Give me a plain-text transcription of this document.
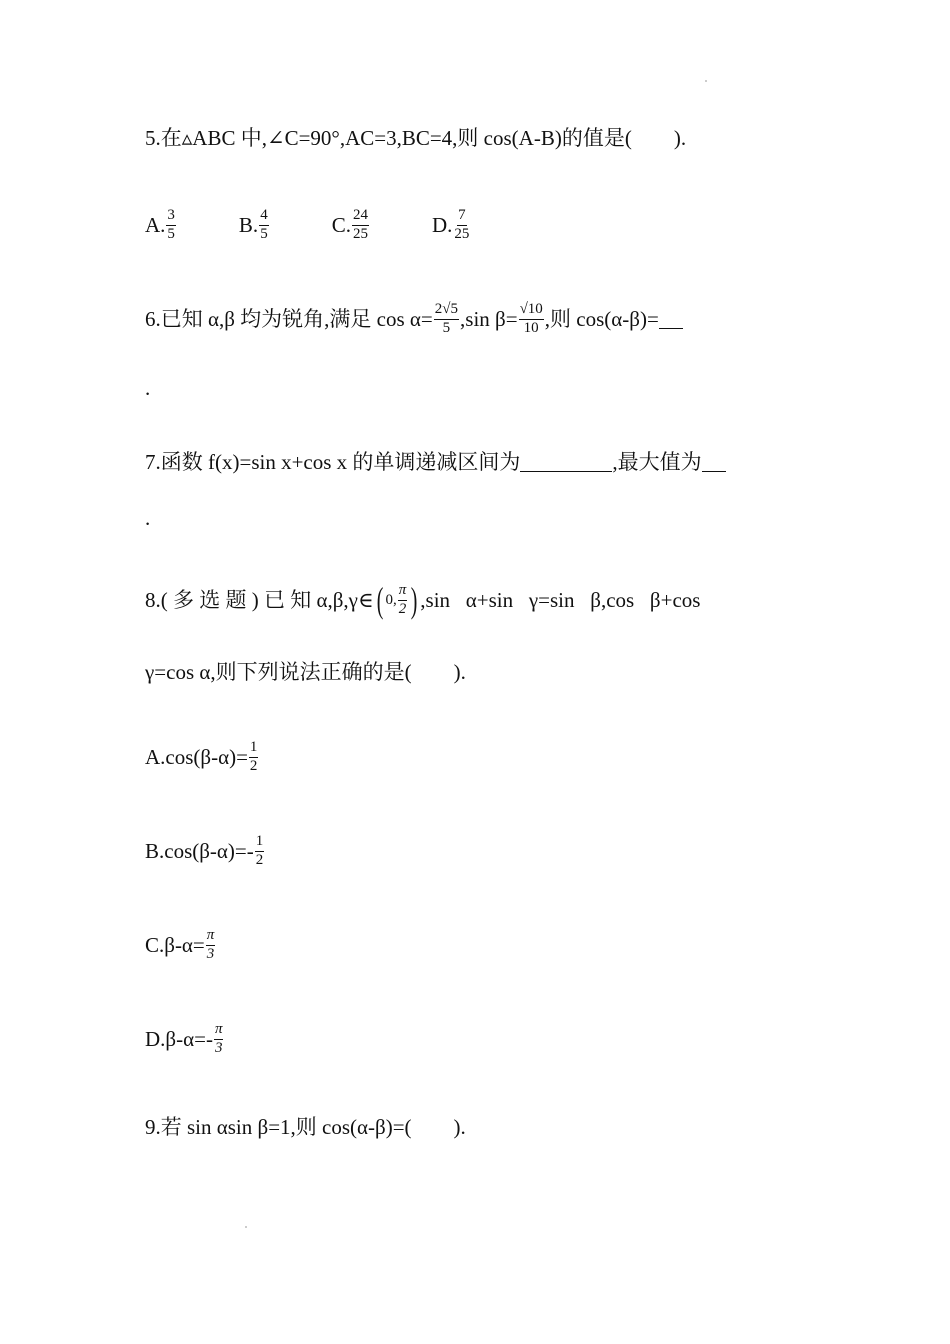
5.在▵ABC 中,∠C=90°,AC=3,BC=4,则 cos(A-B)的值是(  ).
A. $\frac{3}{5}$	B. $\frac{4}{5}$	C. $\frac{24}{25}$	D. $\frac{7}{25}$
6.已知 α,β 均为锐角,满足 $\cos \alpha= \frac{2√5}{5} ,\sin$ $\beta= \frac{√10}{10}$ ,则 cos(α-β)=
.
7.函数 f(x)=sin x+cos x 的单调递减区间为	,最大值为
.
8.( 多 选 题 ) 已 知 α,β,γ∈ ( 0, $\frac{\pi}{2}$ ) ,sin  α+sin  γ=sin  β,cos  β+cos
γ=cos α,则下列说法正确的是(  ).
$A.\cos(\beta-\alpha)= \frac{1}{2}$
$B.\cos(\beta-\alpha)=- \frac{1}{2}$
$C.\beta-\alpha= \frac{\pi}{3}$
$D.\beta-\alpha=- \frac{\pi}{3}$
9.若 sin αsin β=1,则 cos(α-β)=(  ).
